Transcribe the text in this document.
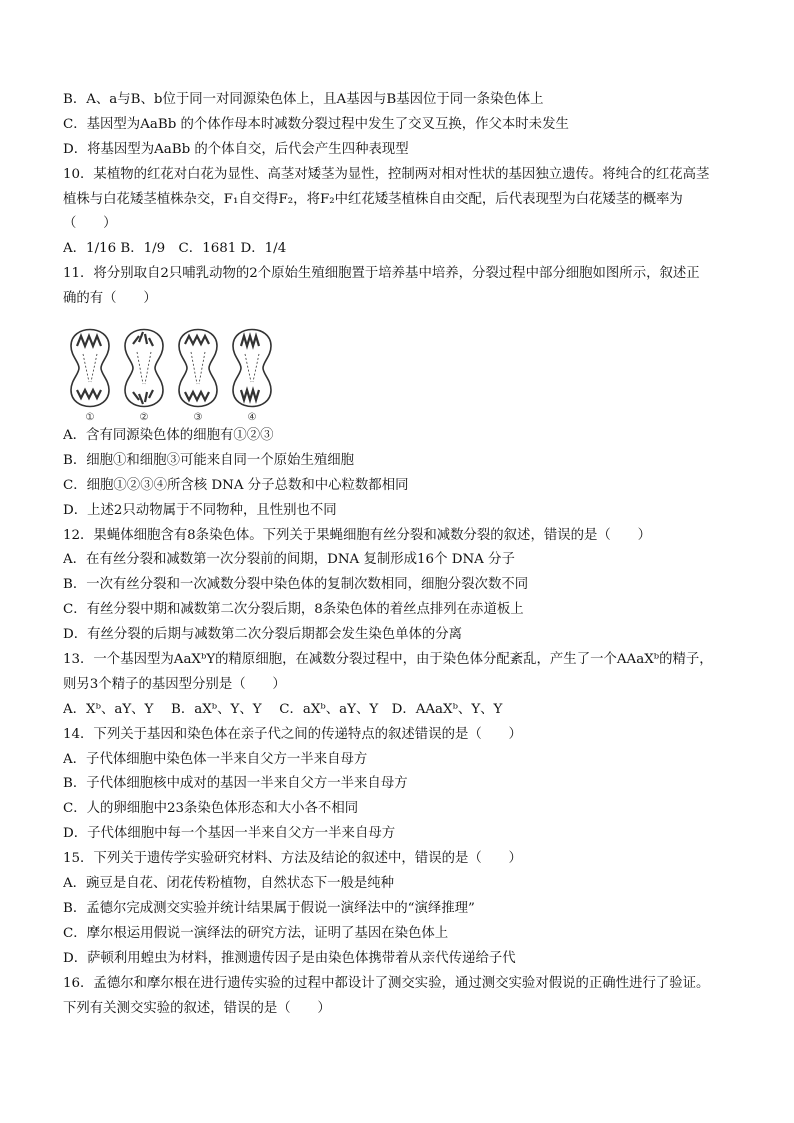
B．A、a与B、b位于同一对同源染色体上，且A基因与B基因位于同一条染色体上
C．基因型为AaBb 的个体作母本时减数分裂过程中发生了交叉互换，作父本时未发生
D．将基因型为AaBb 的个体自交，后代会产生四种表现型
10．某植物的红花对白花为显性、高茎对矮茎为显性，控制两对相对性状的基因独立遗传。将纯合的红花高茎
植株与白花矮茎植株杂交，F₁自交得F₂，将F₂中红花矮茎植株自由交配，后代表现型为白花矮茎的概率为
（　　）
A．1/16 B．1/9　C．1681 D．1/4
11．将分别取自2只哺乳动物的2个原始生殖细胞置于培养基中培养，分裂过程中部分细胞如图所示，叙述正
确的有（　　）
①	②	③	④
A．含有同源染色体的细胞有①②③
B．细胞①和细胞③可能来自同一个原始生殖细胞
C．细胞①②③④所含核 DNA 分子总数和中心粒数都相同
D．上述2只动物属于不同物种，且性别也不同
12．果蝇体细胞含有8条染色体。下列关于果蝇细胞有丝分裂和减数分裂的叙述，错误的是（　　）
A．在有丝分裂和减数第一次分裂前的间期，DNA 复制形成16个 DNA 分子
B．一次有丝分裂和一次减数分裂中染色体的复制次数相同，细胞分裂次数不同
C．有丝分裂中期和减数第二次分裂后期，8条染色体的着丝点排列在赤道板上
D．有丝分裂的后期与减数第二次分裂后期都会发生染色单体的分离
13．一个基因型为AaXᵇY的精原细胞，在减数分裂过程中，由于染色体分配紊乱，产生了一个AAaXᵇ的精子，
则另3个精子的基因型分别是（　　）
A．Xᵇ、aY、Y　 B．aXᵇ、Y、Y　 C．aXᵇ、aY、Y　D．AAaXᵇ、Y、Y
14．下列关于基因和染色体在亲子代之间的传递特点的叙述错误的是（　　）
A．子代体细胞中染色体一半来自父方一半来自母方
B．子代体细胞核中成对的基因一半来自父方一半来自母方
C．人的卵细胞中23条染色体形态和大小各不相同
D．子代体细胞中每一个基因一半来自父方一半来自母方
15．下列关于遗传学实验研究材料、方法及结论的叙述中，错误的是（　　）
A．豌豆是自花、闭花传粉植物，自然状态下一般是纯种
B．孟德尔完成测交实验并统计结果属于假说一演绎法中的“演绎推理”
C．摩尔根运用假说一演绎法的研究方法，证明了基因在染色体上
D．萨顿利用蝗虫为材料，推测遗传因子是由染色体携带着从亲代传递给子代
16．孟德尔和摩尔根在进行遗传实验的过程中都设计了测交实验，通过测交实验对假说的正确性进行了验证。
下列有关测交实验的叙述，错误的是（　　）
